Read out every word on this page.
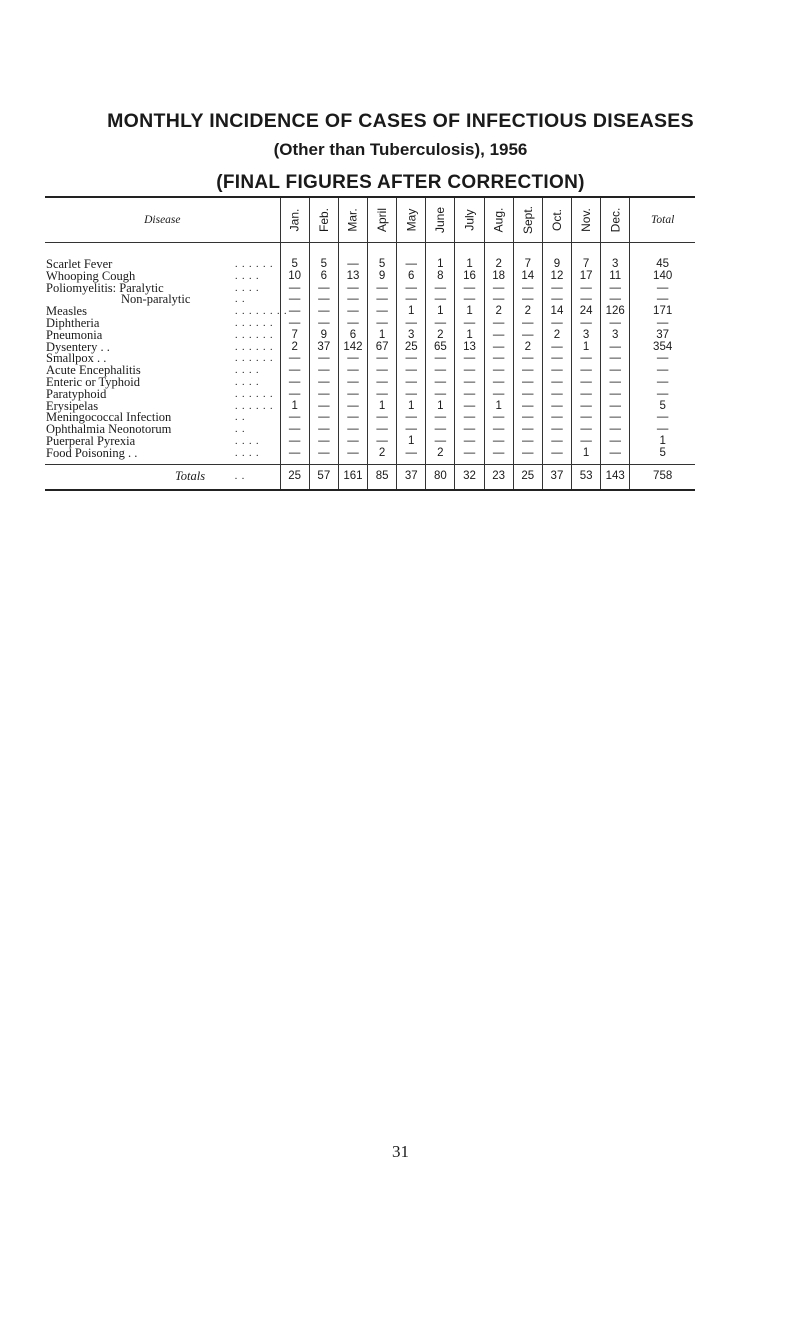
MONTHLY INCIDENCE OF CASES OF INFECTIOUS DISEASES
(Other than Tuberculosis), 1956
(FINAL FIGURES AFTER CORRECTION)
Disease	Jan.	Feb.	Mar.	April	May	June	July	Aug.	Sept.	Oct.	Nov.	Dec.	Total

Scarlet Fever . . . . . .	5	5	—	5	—	1	1	2	7	9	7	3	45
Whooping Cough . . . .	10	6	13	9	6	8	16	18	14	12	17	11	140
Poliomyelitis: Paralytic . . . .	—	—	—	—	—	—	—	—	—	—	—	—	—
Non-paralytic . .	—	—	—	—	—	—	—	—	—	—	—	—	—
Measles . . . . . . . .	—	—	—	—	1	1	1	2	2	14	24	126	171
Diphtheria . . . . . .	—	—	—	—	—	—	—	—	—	—	—	—	—
Pneumonia . . . . . .	7	9	6	1	3	2	1	—	—	2	3	3	37
Dysentery . . . . . . . .	2	37	142	67	25	65	13	—	2	—	1	—	354
Smallpox . . . . . . . .	—	—	—	—	—	—	—	—	—	—	—	—	—
Acute Encephalitis . . . .	—	—	—	—	—	—	—	—	—	—	—	—	—
Enteric or Typhoid . . . .	—	—	—	—	—	—	—	—	—	—	—	—	—
Paratyphoid . . . . . .	—	—	—	—	—	—	—	—	—	—	—	—	—
Erysipelas . . . . . .	1	—	—	1	1	1	—	1	—	—	—	—	5
Meningococcal Infection . .	—	—	—	—	—	—	—	—	—	—	—	—	—
Ophthalmia Neonotorum . .	—	—	—	—	—	—	—	—	—	—	—	—	—
Puerperal Pyrexia . . . .	—	—	—	—	1	—	—	—	—	—	—	—	1
Food Poisoning . . . . . .	—	—	—	2	—	2	—	—	—	—	1	—	5

Totals . .	25	57	161	85	37	80	32	23	25	37	53	143	758
31
